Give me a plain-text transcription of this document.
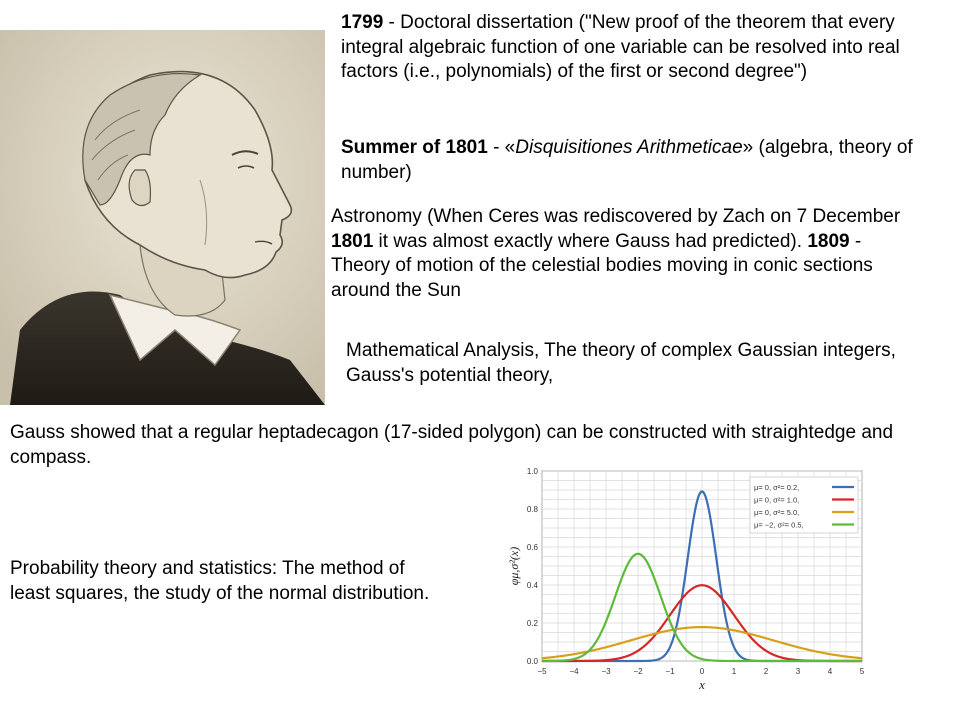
1799 - Doctoral dissertation ("New proof of the theorem that every integral algebraic function of one variable can be resolved into real factors (i.e., polynomials) of the first or second degree")

Summer of 1801 - «Disquisitiones Arithmeticae» (algebra, theory of number)

Astronomy (When Ceres was rediscovered by Zach on 7 December 1801 it was almost exactly where Gauss had predicted). 1809 - Theory of motion of the celestial bodies moving in conic sections around the Sun

Mathematical Analysis, The theory of complex Gaussian integers, Gauss's potential theory,

Gauss showed that a regular heptadecagon (17-sided polygon) can be constructed with straightedge and compass.

Probability theory and statistics: The method of least squares, the study of the normal distribution.

−5	−4	−3	−2	−1	0	1	2	3	4	5
0.0
0.2
0.4
0.6
0.8
1.0
x
φμ,σ²(x)
μ= 0, σ²= 0.2,
μ= 0, σ²= 1.0,
μ= 0, σ²= 5.0,
μ= −2, σ²= 0.5,
